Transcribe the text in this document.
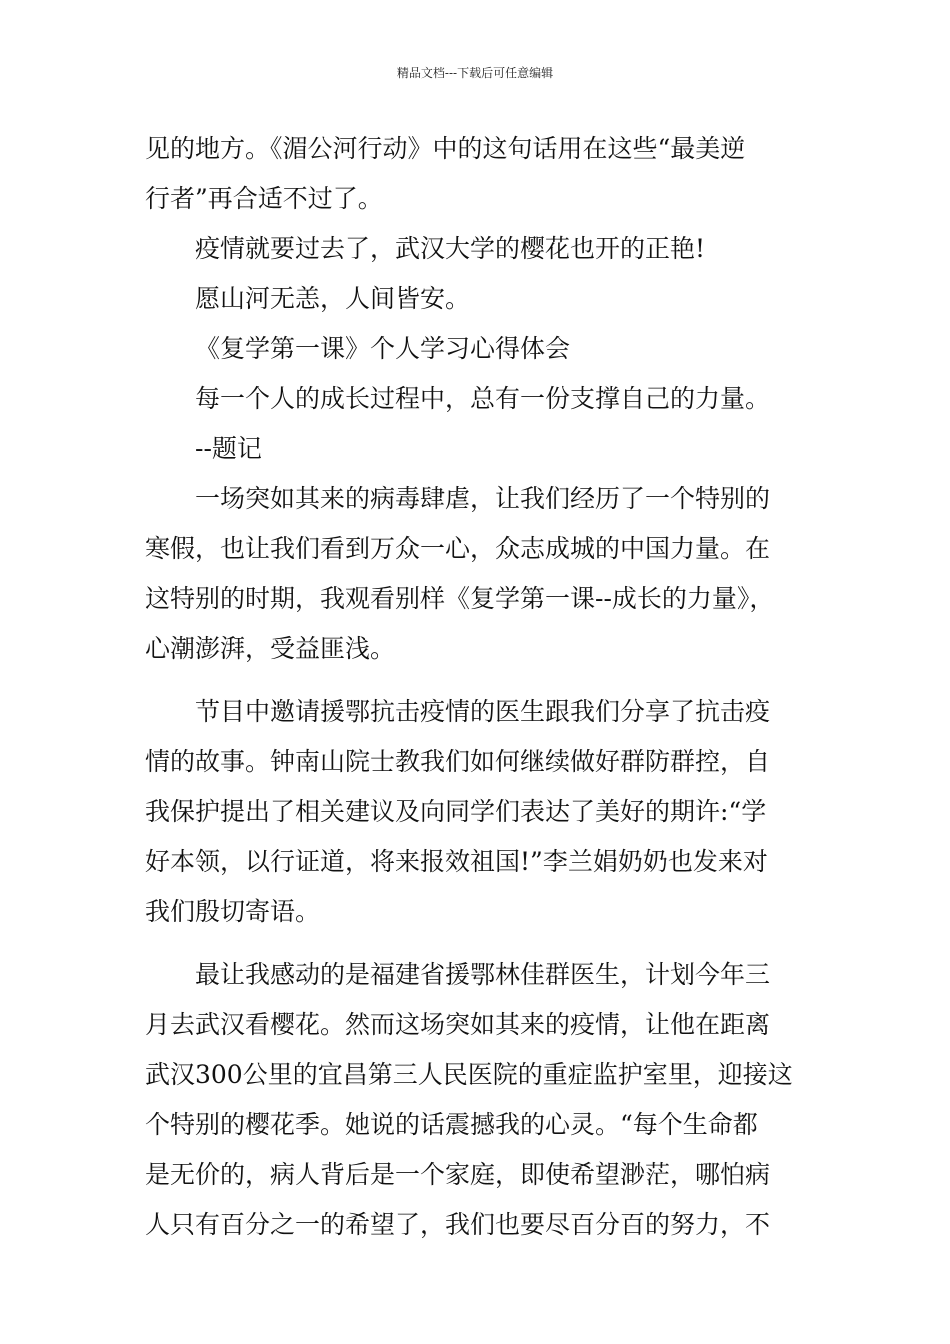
精品文档---下载后可任意编辑
见的地方。《湄公河行动》中的这句话用在这些“最美逆
行者”再合适不过了。
疫情就要过去了，武汉大学的樱花也开的正艳!
愿山河无恙，人间皆安。
《复学第一课》个人学习心得体会
每一个人的成长过程中，总有一份支撑自己的力量。
--题记
一场突如其来的病毒肆虐，让我们经历了一个特别的
寒假，也让我们看到万众一心，众志成城的中国力量。在
这特别的时期，我观看别样《复学第一课--成长的力量》，
心潮澎湃，受益匪浅。
节目中邀请援鄂抗击疫情的医生跟我们分享了抗击疫
情的故事。钟南山院士教我们如何继续做好群防群控，自
我保护提出了相关建议及向同学们表达了美好的期许:“学
好本领，以行证道，将来报效祖国!”李兰娟奶奶也发来对
我们殷切寄语。
最让我感动的是福建省援鄂林佳群医生，计划今年三
月去武汉看樱花。然而这场突如其来的疫情，让他在距离
武汉300公里的宜昌第三人民医院的重症监护室里，迎接这
个特别的樱花季。她说的话震撼我的心灵。“每个生命都
是无价的，病人背后是一个家庭，即使希望渺茫，哪怕病
人只有百分之一的希望了，我们也要尽百分百的努力，不
